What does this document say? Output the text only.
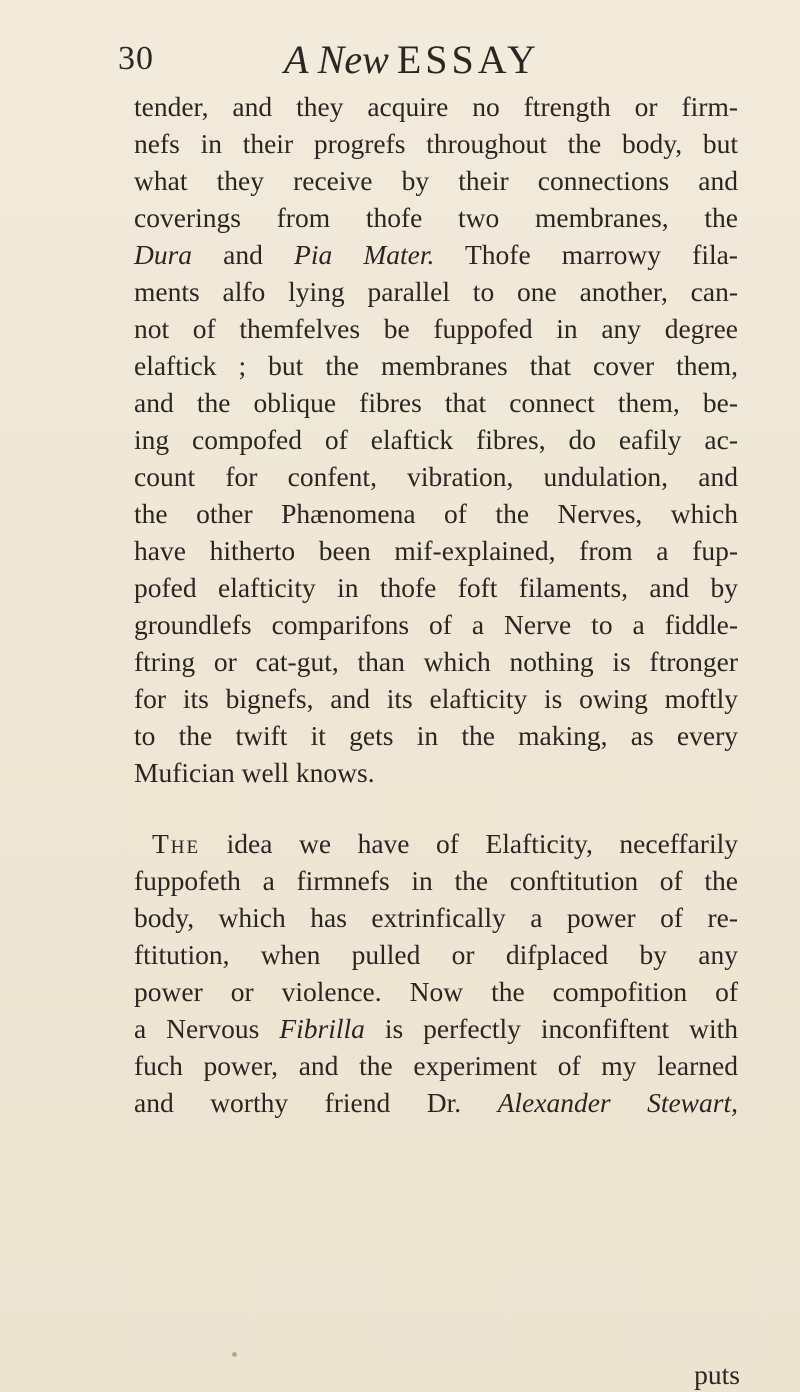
30	A New ESSAY
tender, and they acquire no ftrength or firm-
nefs in their progrefs throughout the body, but
what they receive by their connections and
coverings from thofe two membranes, the
Dura and Pia Mater. Thofe marrowy fila-
ments alfo lying parallel to one another, can-
not of themfelves be fuppofed in any degree
elaftick ; but the membranes that cover them,
and the oblique fibres that connect them, be-
ing compofed of elaftick fibres, do eafily ac-
count for confent, vibration, undulation, and
the other Phænomena of the Nerves, which
have hitherto been mif-explained, from a fup-
pofed elafticity in thofe foft filaments, and by
groundlefs comparifons of a Nerve to a fiddle-
ftring or cat-gut, than which nothing is ftronger
for its bignefs, and its elafticity is owing moftly
to the twift it gets in the making, as every
Mufician well knows.
The idea we have of Elafticity, neceffarily
fuppofeth a firmnefs in the conftitution of the
body, which has extrinfically a power of re-
ftitution, when pulled or difplaced by any
power or violence. Now the compofition of
a Nervous Fibrilla is perfectly inconfiftent with
fuch power, and the experiment of my learned
and worthy friend Dr. Alexander Stewart,
puts
